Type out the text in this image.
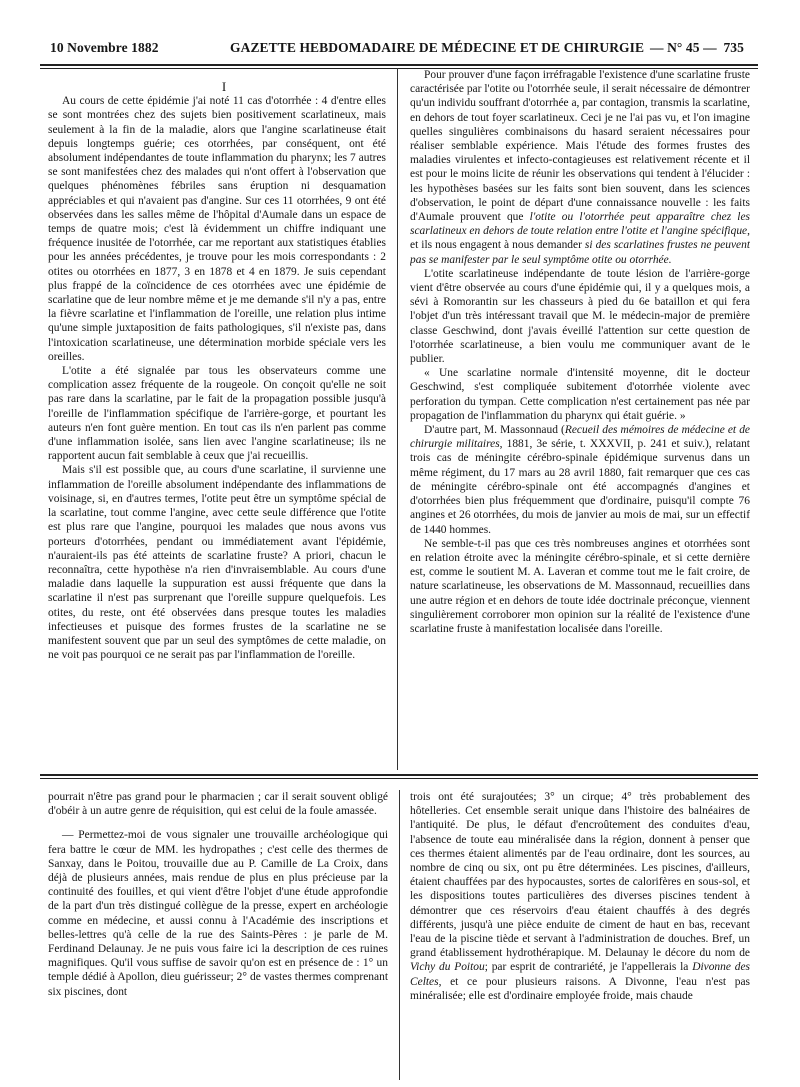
10 Novembre 1882	GAZETTE HEBDOMADAIRE DE MÉDECINE ET DE CHIRURGIE — N° 45 — 735

I

Au cours de cette épidémie j'ai noté 11 cas d'otorrhée : 4 d'entre elles se sont montrées chez des sujets bien positivement scarlatineux, mais seulement à la fin de la maladie, alors que l'angine scarlatineuse était depuis longtemps guérie; ces otorrhées, par conséquent, ont été absolument indépendantes de toute inflammation du pharynx; les 7 autres se sont manifestées chez des malades qui n'ont offert à l'observation que quelques phénomènes fébriles sans éruption ni desquamation appréciables et qui n'avaient pas d'angine. Sur ces 11 otorrhées, 9 ont été observées dans les salles même de l'hôpital d'Aumale dans un espace de temps de quatre mois; c'est là évidemment un chiffre indiquant une fréquence inusitée de l'otorrhée, car me reportant aux statistiques établies pour les années précédentes, je trouve pour les mois correspondants : 2 otites ou otorrhées en 1877, 3 en 1878 et 4 en 1879. Je suis cependant plus frappé de la coïncidence de ces otorrhées avec une épidémie de scarlatine que de leur nombre même et je me demande s'il n'y a pas, entre la fièvre scarlatine et l'inflammation de l'oreille, une relation plus intime qu'une simple juxtaposition de faits pathologiques, s'il n'existe pas, dans l'intoxication scarlatineuse, une détermination morbide spéciale vers les oreilles.

L'otite a été signalée par tous les observateurs comme une complication assez fréquente de la rougeole. On conçoit qu'elle ne soit pas rare dans la scarlatine, par le fait de la propagation possible jusqu'à l'oreille de l'inflammation spécifique de l'arrière-gorge, et pourtant les auteurs n'en font guère mention. En tout cas ils n'en parlent pas comme d'une inflammation isolée, sans lien avec l'angine scarlatineuse; ils ne rapportent aucun fait semblable à ceux que j'ai recueillis.

Mais s'il est possible que, au cours d'une scarlatine, il survienne une inflammation de l'oreille absolument indépendante des inflammations de voisinage, si, en d'autres termes, l'otite peut être un symptôme spécial de la scarlatine, tout comme l'angine, avec cette seule différence que l'otite est plus rare que l'angine, pourquoi les malades que nous avons vus porteurs d'otorrhées, pendant ou immédiatement avant l'épidémie, n'auraient-ils pas été atteints de scarlatine fruste? A priori, chacun le reconnaîtra, cette hypothèse n'a rien d'invraisemblable. Au cours d'une maladie dans laquelle la suppuration est aussi fréquente que dans la scarlatine il n'est pas surprenant que l'oreille suppure quelquefois. Les otites, du reste, ont été observées dans presque toutes les maladies infectieuses et puisque des formes frustes de la scarlatine ne se manifestent souvent que par un seul des symptômes de cette maladie, on ne voit pas pourquoi ce ne serait pas par l'inflammation de l'oreille.

Pour prouver d'une façon irréfragable l'existence d'une scarlatine fruste caractérisée par l'otite ou l'otorrhée seule, il serait nécessaire de démontrer qu'un individu souffrant d'otorrhée a, par contagion, transmis la scarlatine, en dehors de tout foyer scarlatineux. Ceci je ne l'ai pas vu, et l'on imagine quelles singulières combinaisons du hasard seraient nécessaires pour réaliser semblable expérience. Mais l'étude des formes frustes des maladies virulentes et infecto-contagieuses est relativement récente et il est pour le moins licite de réunir les observations qui tendent à l'élucider : les hypothèses basées sur les faits sont bien souvent, dans les sciences d'observation, le point de départ d'une connaissance nouvelle : les faits d'Aumale prouvent que l'otite ou l'otorrhée peut apparaître chez les scarlatineux en dehors de toute relation entre l'otite et l'angine spécifique, et ils nous engagent à nous demander si des scarlatines frustes ne peuvent pas se manifester par le seul symptôme otite ou otorrhée.

L'otite scarlatineuse indépendante de toute lésion de l'arrière-gorge vient d'être observée au cours d'une épidémie qui, il y a quelques mois, a sévi à Romorantin sur les chasseurs à pied du 6e bataillon et qui fera l'objet d'un très intéressant travail que M. le médecin-major de première classe Geschwind, dont j'avais éveillé l'attention sur cette question de l'otorrhée scarlatineuse, a bien voulu me communiquer avant de le publier.

« Une scarlatine normale d'intensité moyenne, dit le docteur Geschwind, s'est compliquée subitement d'otorrhée violente avec perforation du tympan. Cette complication n'est certainement pas née par propagation de l'inflammation du pharynx qui était guérie. »

D'autre part, M. Massonnaud (Recueil des mémoires de médecine et de chirurgie militaires, 1881, 3e série, t. XXXVII, p. 241 et suiv.), relatant trois cas de méningite cérébro-spinale épidémique survenus dans un même régiment, du 17 mars au 28 avril 1880, fait remarquer que ces cas de méningite cérébro-spinale ont été accompagnés d'angines et d'otorrhées bien plus fréquemment que d'ordinaire, puisqu'il compte 76 angines et 26 otorrhées, du mois de janvier au mois de mai, sur un effectif de 1440 hommes.

Ne semble-t-il pas que ces très nombreuses angines et otorrhées sont en relation étroite avec la méningite cérébro-spinale, et si cette dernière est, comme le soutient M. A. Laveran et comme tout me le fait croire, de nature scarlatineuse, les observations de M. Massonnaud, recueillies dans une autre région et en dehors de toute idée doctrinale préconçue, viennent singulièrement corroborer mon opinion sur la réalité de l'existence d'une scarlatine fruste à manifestation localisée dans l'oreille.

pourrait n'être pas grand pour le pharmacien ; car il serait souvent obligé d'obéir à un autre genre de réquisition, qui est celui de la foule amassée.

— Permettez-moi de vous signaler une trouvaille archéologique qui fera battre le cœur de MM. les hydropathes ; c'est celle des thermes de Sanxay, dans le Poitou, trouvaille due au P. Camille de La Croix, dans déjà de plusieurs années, mais rendue de plus en plus précieuse par la continuité des fouilles, et qui vient d'être l'objet d'une étude approfondie de la part d'un très distingué collègue de la presse, expert en archéologie comme en médecine, et aussi connu à l'Académie des inscriptions et belles-lettres qu'à celle de la rue des Saints-Pères : je parle de M. Ferdinand Delaunay. Je ne puis vous faire ici la description de ces ruines magnifiques. Qu'il vous suffise de savoir qu'on est en présence de : 1° un temple dédié à Apollon, dieu guérisseur; 2° de vastes thermes comprenant six piscines, dont

trois ont été surajoutées; 3° un cirque; 4° très probablement des hôtelleries. Cet ensemble serait unique dans l'histoire des balnéaires de l'antiquité. De plus, le défaut d'encroûtement des conduites d'eau, l'absence de toute eau minéralisée dans la région, donnent à penser que ces thermes étaient alimentés par de l'eau ordinaire, dont les sources, au nombre de cinq ou six, ont pu être déterminées. Les piscines, d'ailleurs, étaient chauffées par des hypocaustes, sortes de calorifères en sous-sol, et les dispositions toutes particulières des diverses piscines tendent à démontrer que ces réservoirs d'eau étaient chauffés à des degrés différents, jusqu'à une pièce enduite de ciment de haut en bas, recevant l'eau de la piscine tiède et servant à l'administration de douches. Bref, un grand établissement hydrothérapique. M. Delaunay le décore du nom de Vichy du Poitou; par esprit de contrariété, je l'appellerais la Divonne des Celtes, et ce pour plusieurs raisons. A Divonne, l'eau n'est pas minéralisée; elle est d'ordinaire employée froide, mais chaude
